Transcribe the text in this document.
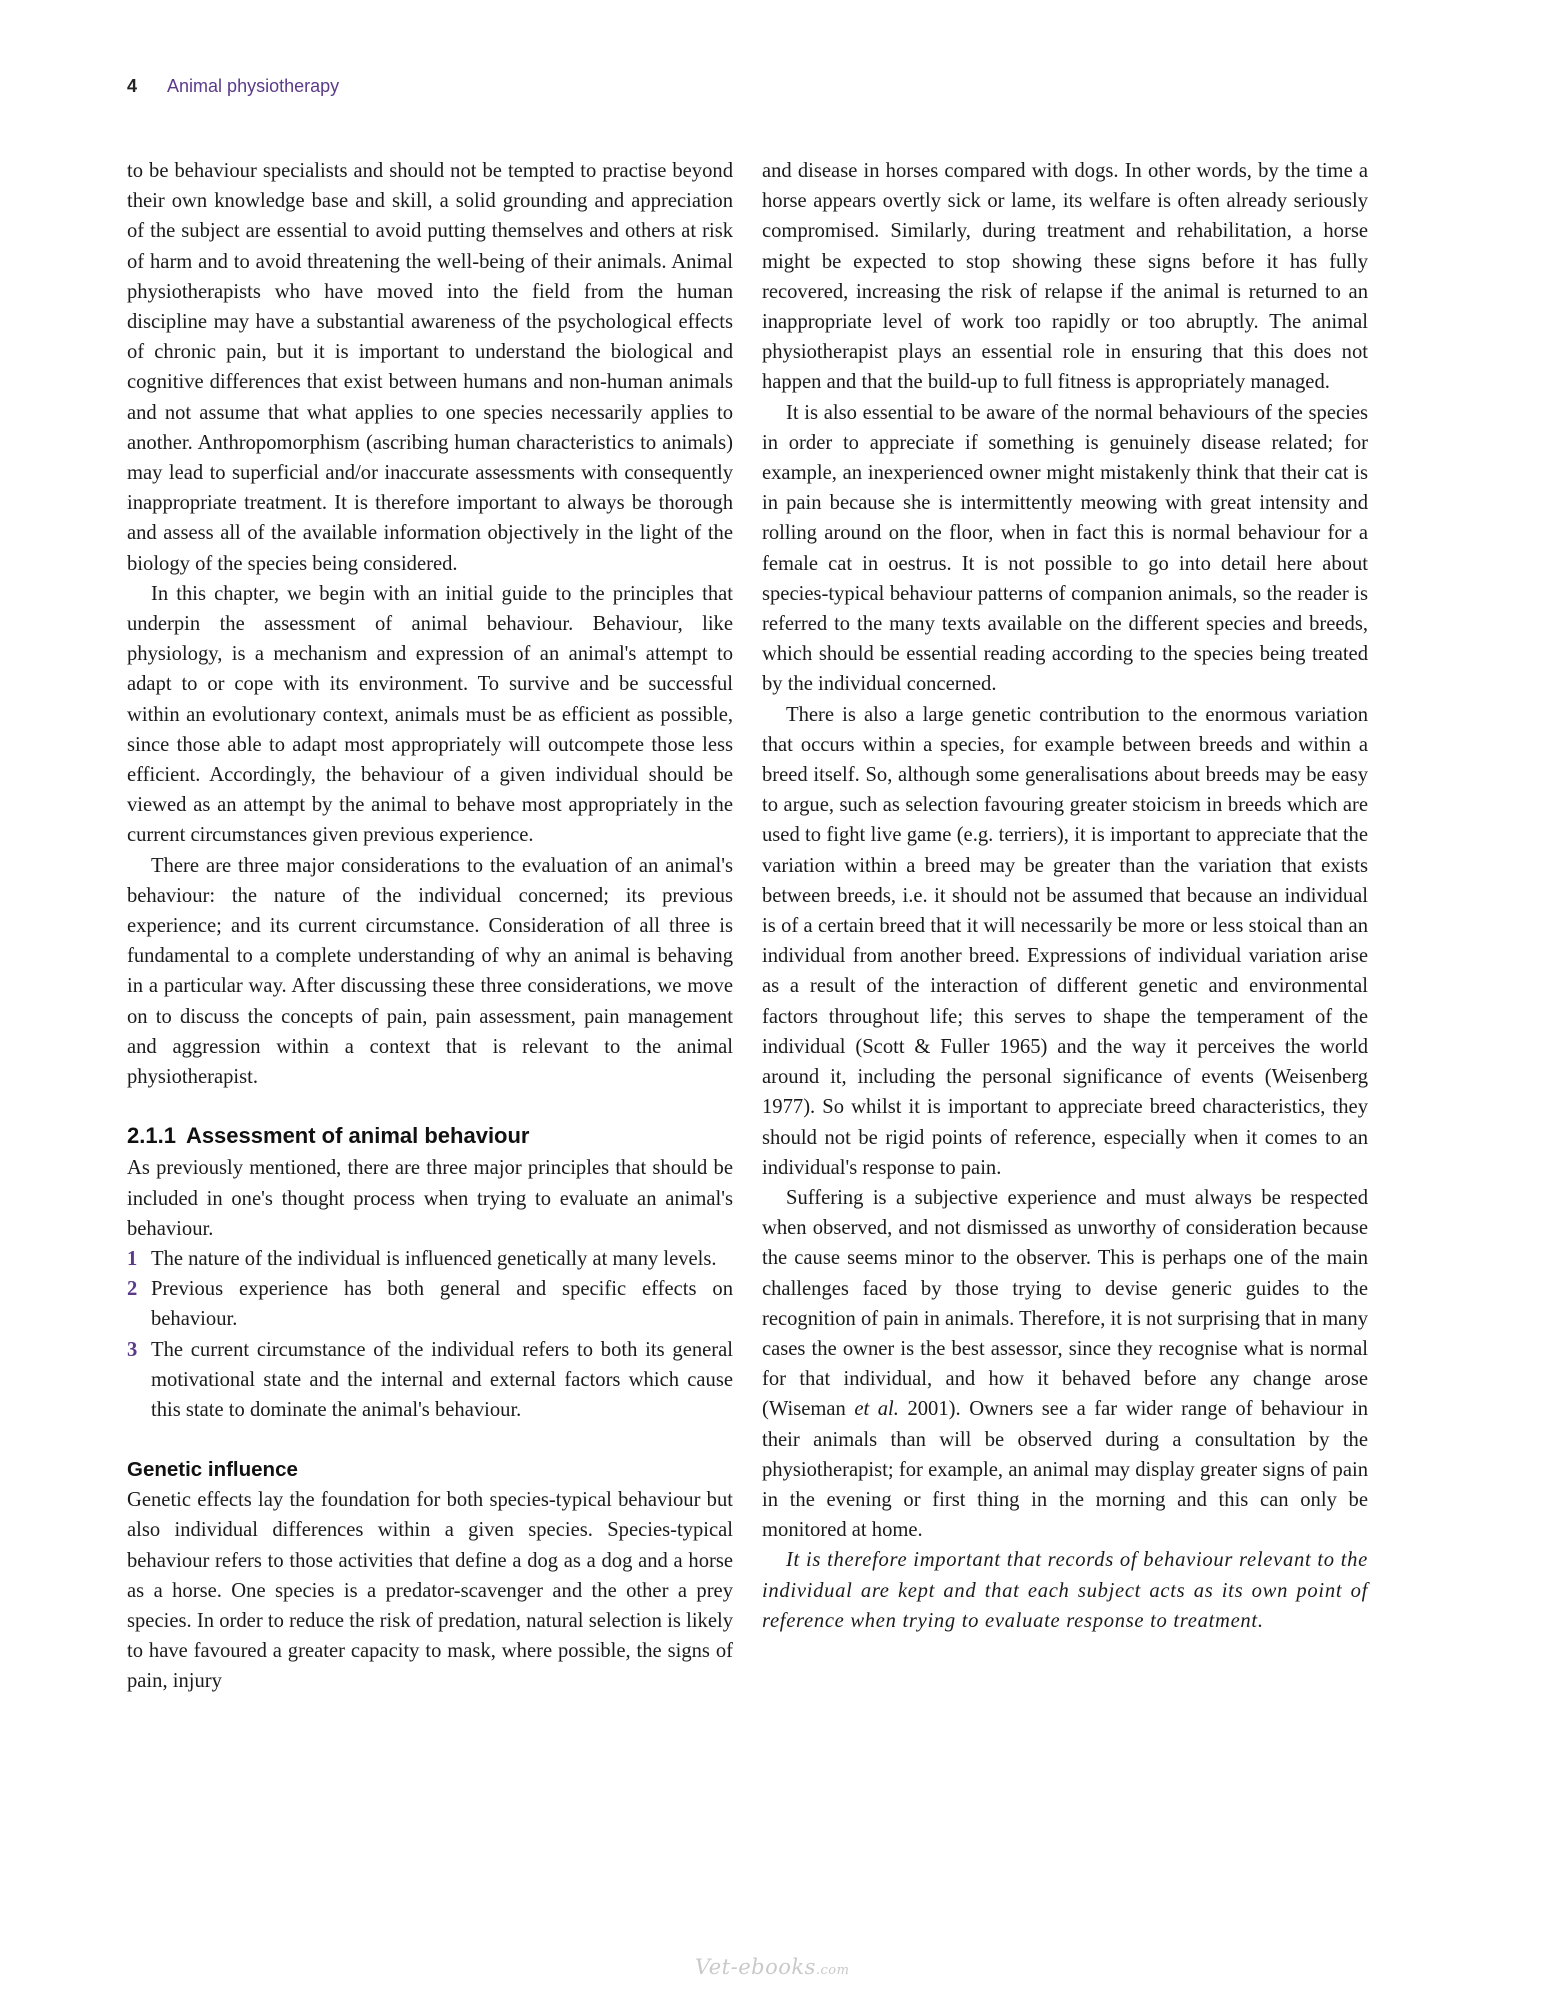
4 Animal physiotherapy

to be behaviour specialists and should not be tempted to practise beyond their own knowledge base and skill, a solid grounding and appreciation of the subject are essential to avoid putting themselves and others at risk of harm and to avoid threatening the well-being of their animals. Animal physiotherapists who have moved into the field from the human discipline may have a substantial awareness of the psychological effects of chronic pain, but it is important to understand the biological and cognitive differences that exist between humans and non-human animals and not assume that what applies to one species necessarily applies to another. Anthropomorphism (ascribing human characteristics to animals) may lead to superficial and/or inaccurate assessments with consequently inappropriate treatment. It is therefore important to always be thorough and assess all of the available information objectively in the light of the biology of the species being considered.

In this chapter, we begin with an initial guide to the principles that underpin the assessment of animal behaviour. Behaviour, like physiology, is a mechanism and expression of an animal's attempt to adapt to or cope with its environment. To survive and be successful within an evolutionary context, animals must be as efficient as possible, since those able to adapt most appropriately will outcompete those less efficient. Accordingly, the behaviour of a given individual should be viewed as an attempt by the animal to behave most appropriately in the current circumstances given previous experience.

There are three major considerations to the evaluation of an animal's behaviour: the nature of the individual concerned; its previous experience; and its current circumstance. Consideration of all three is fundamental to a complete understanding of why an animal is behaving in a particular way. After discussing these three considerations, we move on to discuss the concepts of pain, pain assessment, pain management and aggression within a context that is relevant to the animal physiotherapist.

2.1.1 Assessment of animal behaviour

As previously mentioned, there are three major principles that should be included in one's thought process when trying to evaluate an animal's behaviour.

1 The nature of the individual is influenced genetically at many levels.
2 Previous experience has both general and specific effects on behaviour.
3 The current circumstance of the individual refers to both its general motivational state and the internal and external factors which cause this state to dominate the animal's behaviour.
Genetic influence

Genetic effects lay the foundation for both species-typical behaviour but also individual differences within a given species. Species-typical behaviour refers to those activities that define a dog as a dog and a horse as a horse. One species is a predator-scavenger and the other a prey species. In order to reduce the risk of predation, natural selection is likely to have favoured a greater capacity to mask, where possible, the signs of pain, injury

and disease in horses compared with dogs. In other words, by the time a horse appears overtly sick or lame, its welfare is often already seriously compromised. Similarly, during treatment and rehabilitation, a horse might be expected to stop showing these signs before it has fully recovered, increasing the risk of relapse if the animal is returned to an inappropriate level of work too rapidly or too abruptly. The animal physiotherapist plays an essential role in ensuring that this does not happen and that the build-up to full fitness is appropriately managed.

It is also essential to be aware of the normal behaviours of the species in order to appreciate if something is genuinely disease related; for example, an inexperienced owner might mistakenly think that their cat is in pain because she is intermittently meowing with great intensity and rolling around on the floor, when in fact this is normal behaviour for a female cat in oestrus. It is not possible to go into detail here about species-typical behaviour patterns of companion animals, so the reader is referred to the many texts available on the different species and breeds, which should be essential reading according to the species being treated by the individual concerned.

There is also a large genetic contribution to the enormous variation that occurs within a species, for example between breeds and within a breed itself. So, although some generalisations about breeds may be easy to argue, such as selection favouring greater stoicism in breeds which are used to fight live game (e.g. terriers), it is important to appreciate that the variation within a breed may be greater than the variation that exists between breeds, i.e. it should not be assumed that because an individual is of a certain breed that it will necessarily be more or less stoical than an individual from another breed. Expressions of individual variation arise as a result of the interaction of different genetic and environmental factors throughout life; this serves to shape the temperament of the individual (Scott & Fuller 1965) and the way it perceives the world around it, including the personal significance of events (Weisenberg 1977). So whilst it is important to appreciate breed characteristics, they should not be rigid points of reference, especially when it comes to an individual's response to pain.

Suffering is a subjective experience and must always be respected when observed, and not dismissed as unworthy of consideration because the cause seems minor to the observer. This is perhaps one of the main challenges faced by those trying to devise generic guides to the recognition of pain in animals. Therefore, it is not surprising that in many cases the owner is the best assessor, since they recognise what is normal for that individual, and how it behaved before any change arose (Wiseman et al. 2001). Owners see a far wider range of behaviour in their animals than will be observed during a consultation by the physiotherapist; for example, an animal may display greater signs of pain in the evening or first thing in the morning and this can only be monitored at home.

It is therefore important that records of behaviour relevant to the individual are kept and that each subject acts as its own point of reference when trying to evaluate response to treatment.

Vet-ebooks.com
